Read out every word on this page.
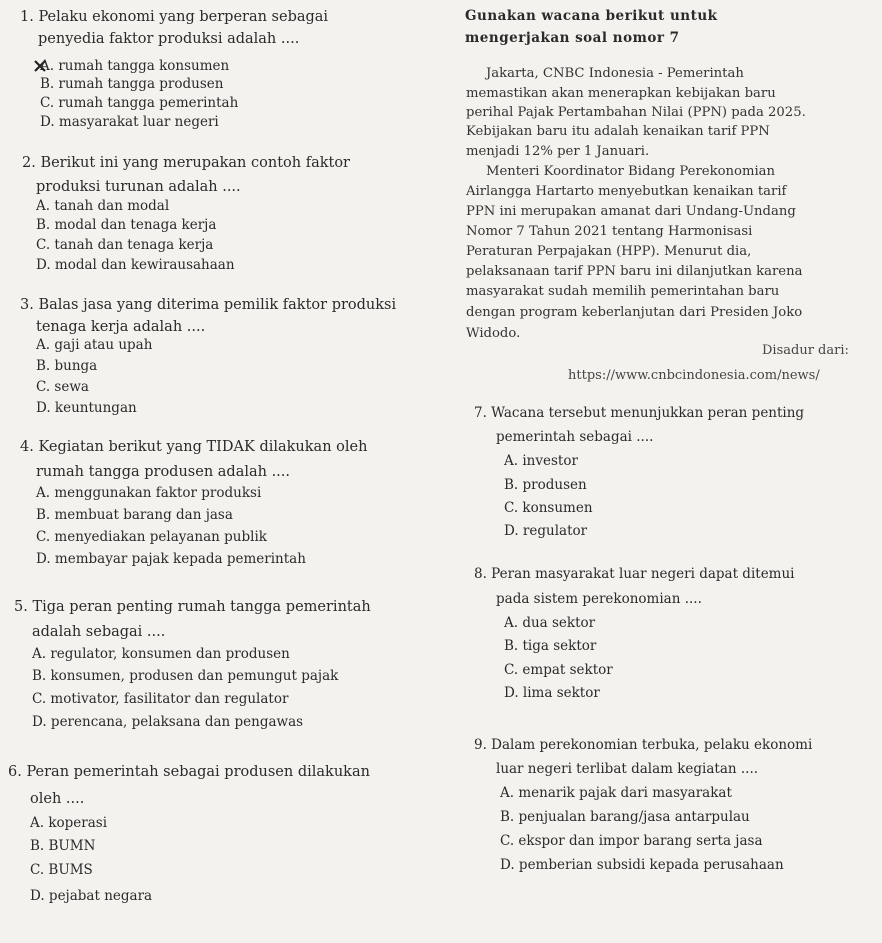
1. Pelaku ekonomi yang berperan sebagai
penyedia faktor produksi adalah ....
A. rumah tangga konsumen
B. rumah tangga produsen
C. rumah tangga pemerintah
D. masyarakat luar negeri
2. Berikut ini yang merupakan contoh faktor
produksi turunan adalah ....
A. tanah dan modal
B. modal dan tenaga kerja
C. tanah dan tenaga kerja
D. modal dan kewirausahaan
3. Balas jasa yang diterima pemilik faktor produksi
tenaga kerja adalah ....
A. gaji atau upah
B. bunga
C. sewa
D. keuntungan
4. Kegiatan berikut yang TIDAK dilakukan oleh
rumah tangga produsen adalah ....
A. menggunakan faktor produksi
B. membuat barang dan jasa
C. menyediakan pelayanan publik
D. membayar pajak kepada pemerintah
5. Tiga peran penting rumah tangga pemerintah
adalah sebagai ....
A. regulator, konsumen dan produsen
B. konsumen, produsen dan pemungut pajak
C. motivator, fasilitator dan regulator
D. perencana, pelaksana dan pengawas
6. Peran pemerintah sebagai produsen dilakukan
oleh ....
A. koperasi
B. BUMN
C. BUMS
D. pejabat negara
Gunakan wacana berikut untuk
mengerjakan soal nomor 7
Jakarta, CNBC Indonesia - Pemerintah
memastikan akan menerapkan kebijakan baru
perihal Pajak Pertambahan Nilai (PPN) pada 2025.
Kebijakan baru itu adalah kenaikan tarif PPN
menjadi 12% per 1 Januari.
Menteri Koordinator Bidang Perekonomian
Airlangga Hartarto menyebutkan kenaikan tarif
PPN ini merupakan amanat dari Undang-Undang
Nomor 7 Tahun 2021 tentang Harmonisasi
Peraturan Perpajakan (HPP). Menurut dia,
pelaksanaan tarif PPN baru ini dilanjutkan karena
masyarakat sudah memilih pemerintahan baru
dengan program keberlanjutan dari Presiden Joko
Widodo.
Disadur dari:
https://www.cnbcindonesia.com/news/
7. Wacana tersebut menunjukkan peran penting
pemerintah sebagai ....
A. investor
B. produsen
C. konsumen
D. regulator
8. Peran masyarakat luar negeri dapat ditemui
pada sistem perekonomian ....
A. dua sektor
B. tiga sektor
C. empat sektor
D. lima sektor
9. Dalam perekonomian terbuka, pelaku ekonomi
luar negeri terlibat dalam kegiatan ....
A. menarik pajak dari masyarakat
B. penjualan barang/jasa antarpulau
C. ekspor dan impor barang serta jasa
D. pemberian subsidi kepada perusahaan
